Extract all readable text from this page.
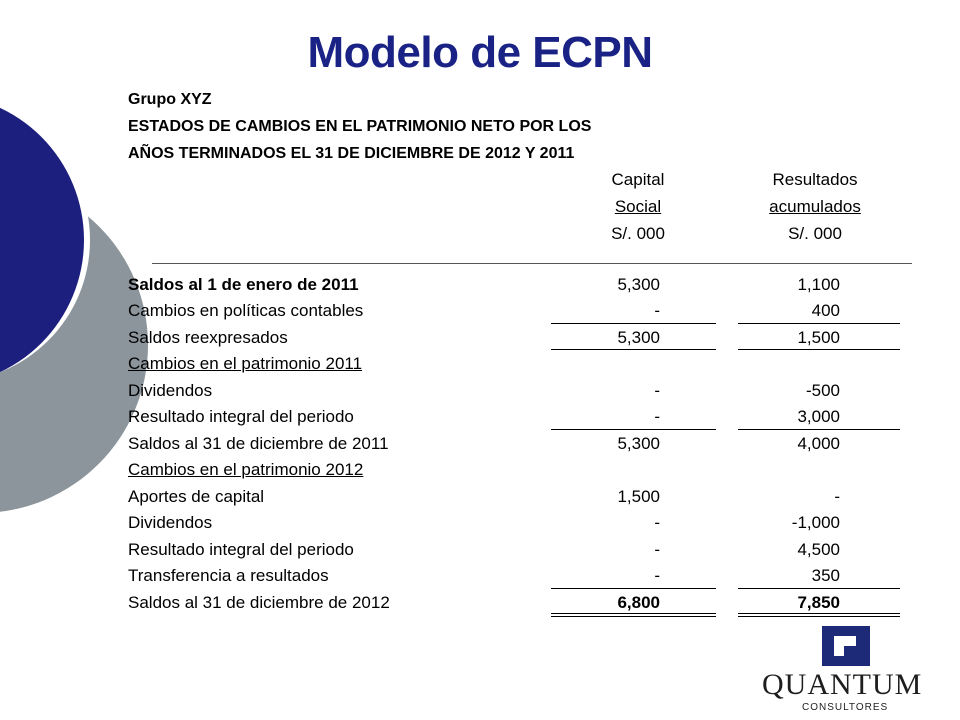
Modelo de ECPN
Grupo XYZ
ESTADOS DE CAMBIOS EN EL PATRIMONIO NETO POR LOS
AÑOS TERMINADOS EL 31 DE DICIEMBRE DE 2012 Y 2011
Capital
Social
S/. 000
Resultados
acumulados
S/. 000
Saldos al 1 de enero de 2011	5,300	1,100
Cambios en políticas contables	-	400
Saldos reexpresados	5,300	1,500
Cambios en el patrimonio 2011
Dividendos	-	-500
Resultado integral del periodo	-	3,000
Saldos al 31 de diciembre de 2011	5,300	4,000
Cambios en el patrimonio 2012
Aportes de capital	1,500	-
Dividendos	-	-1,000
Resultado integral del periodo	-	4,500
Transferencia a resultados	-	350
Saldos al 31 de diciembre de 2012	6,800	7,850
QUANTUM
CONSULTORES
